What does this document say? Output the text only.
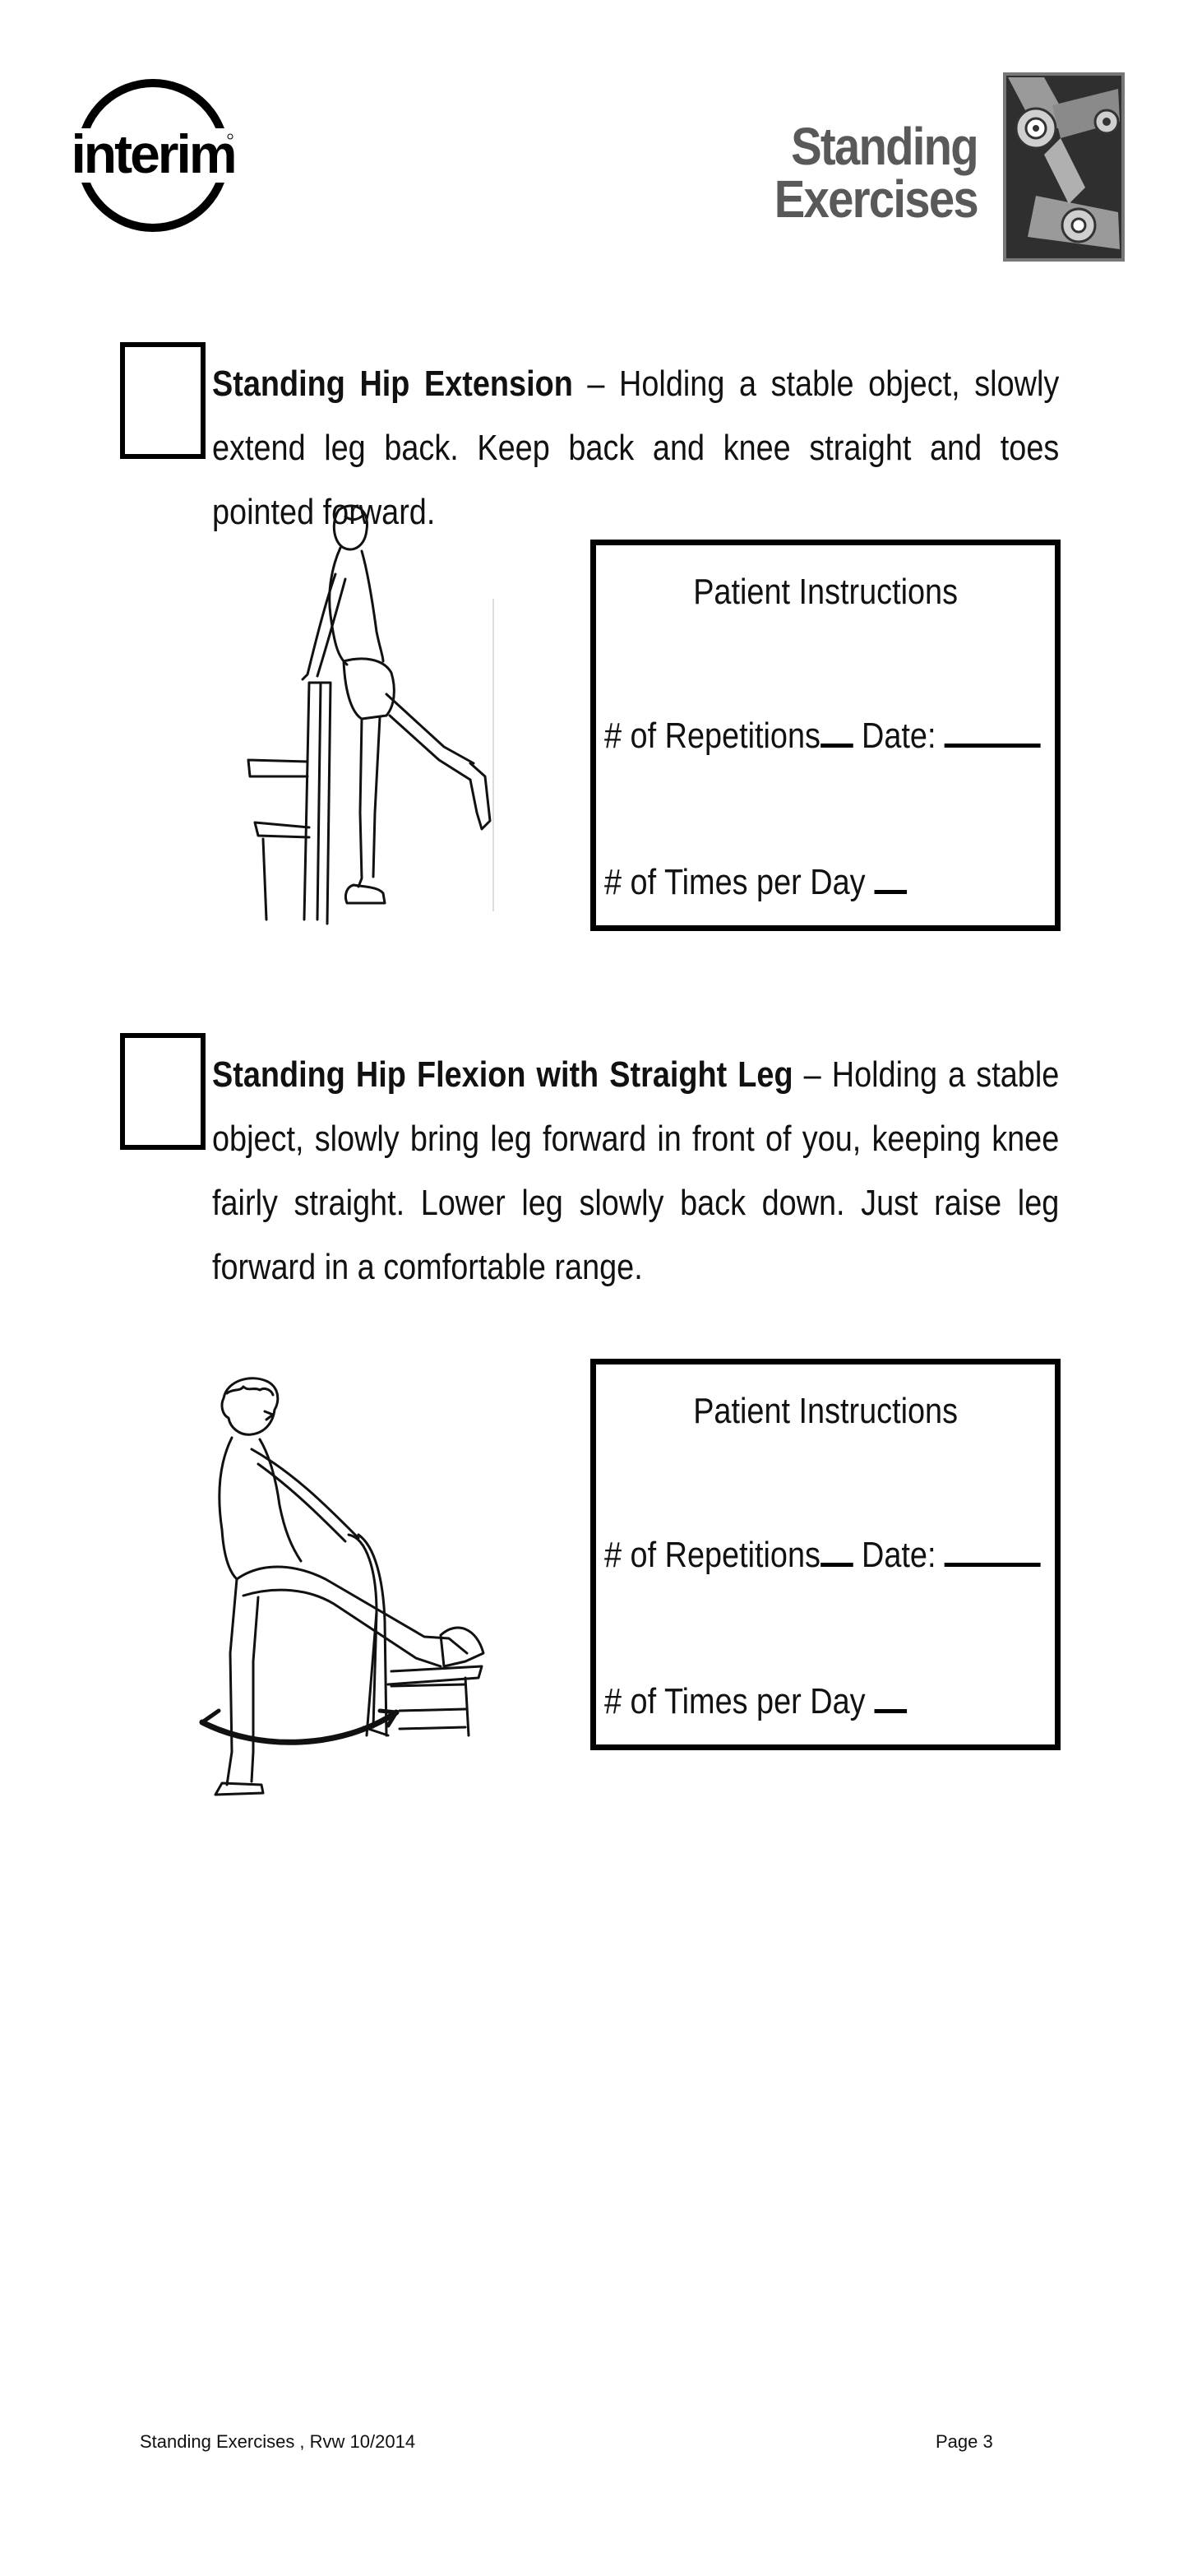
interim	Standing
Exercises
Standing Hip Extension – Holding a stable object, slowly extend leg back. Keep back and knee straight and toes pointed forward.
Patient Instructions
# of Repetitions Date:
# of Times per Day
Standing Hip Flexion with Straight Leg – Holding a stable object, slowly bring leg forward in front of you, keeping knee fairly straight. Lower leg slowly back down. Just raise leg forward in a comfortable range.
Patient Instructions
# of Repetitions Date:
# of Times per Day
Standing Exercises , Rvw 10/2014	Page 3
